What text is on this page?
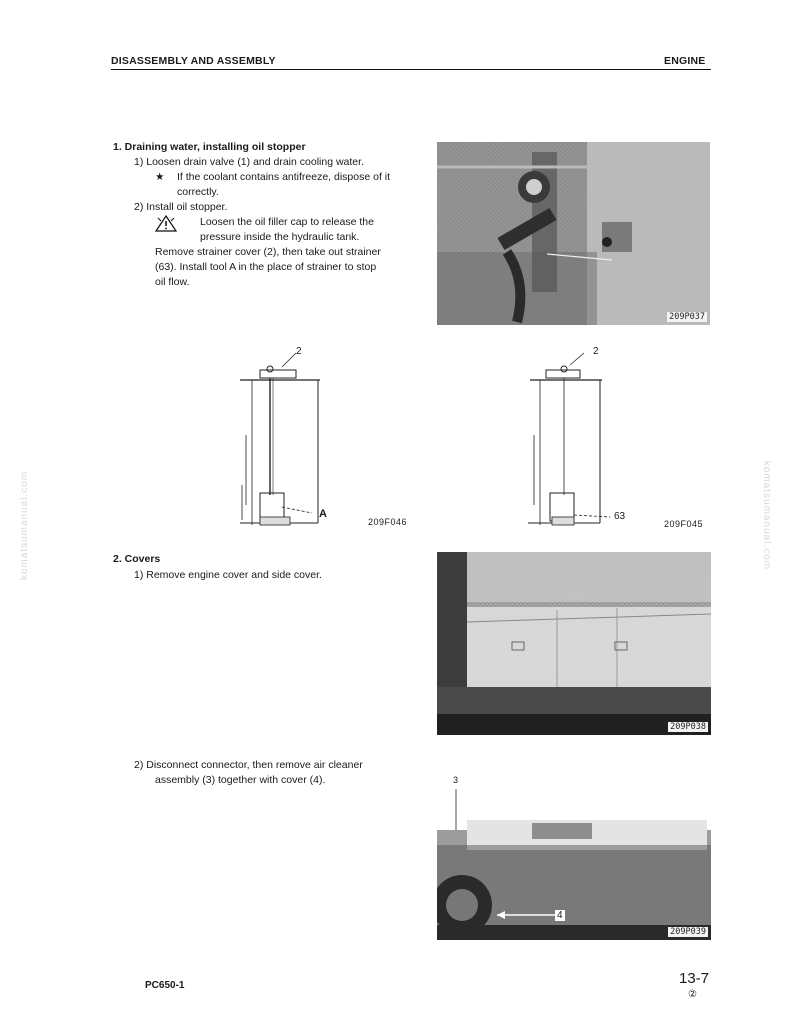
DISASSEMBLY AND ASSEMBLY	ENGINE
komatsumanual.com	komatsumanual.com
1. Draining water, installing oil stopper
1) Loosen drain valve (1) and drain cooling water.
★ If the coolant contains antifreeze, dispose of it
correctly.
2) Install oil stopper.
Loosen the oil filler cap to release the
pressure inside the hydraulic tank.
Remove strainer cover (2), then take out strainer
(63). Install tool A in the place of strainer to stop
oil flow.
209P037
2
A
209F046
2
63
209F045
2. Covers
1) Remove engine cover and side cover.
209P038
2) Disconnect connector, then remove air cleaner
assembly (3) together with cover (4).	3
4
209P039
PC650-1	13-7
②
